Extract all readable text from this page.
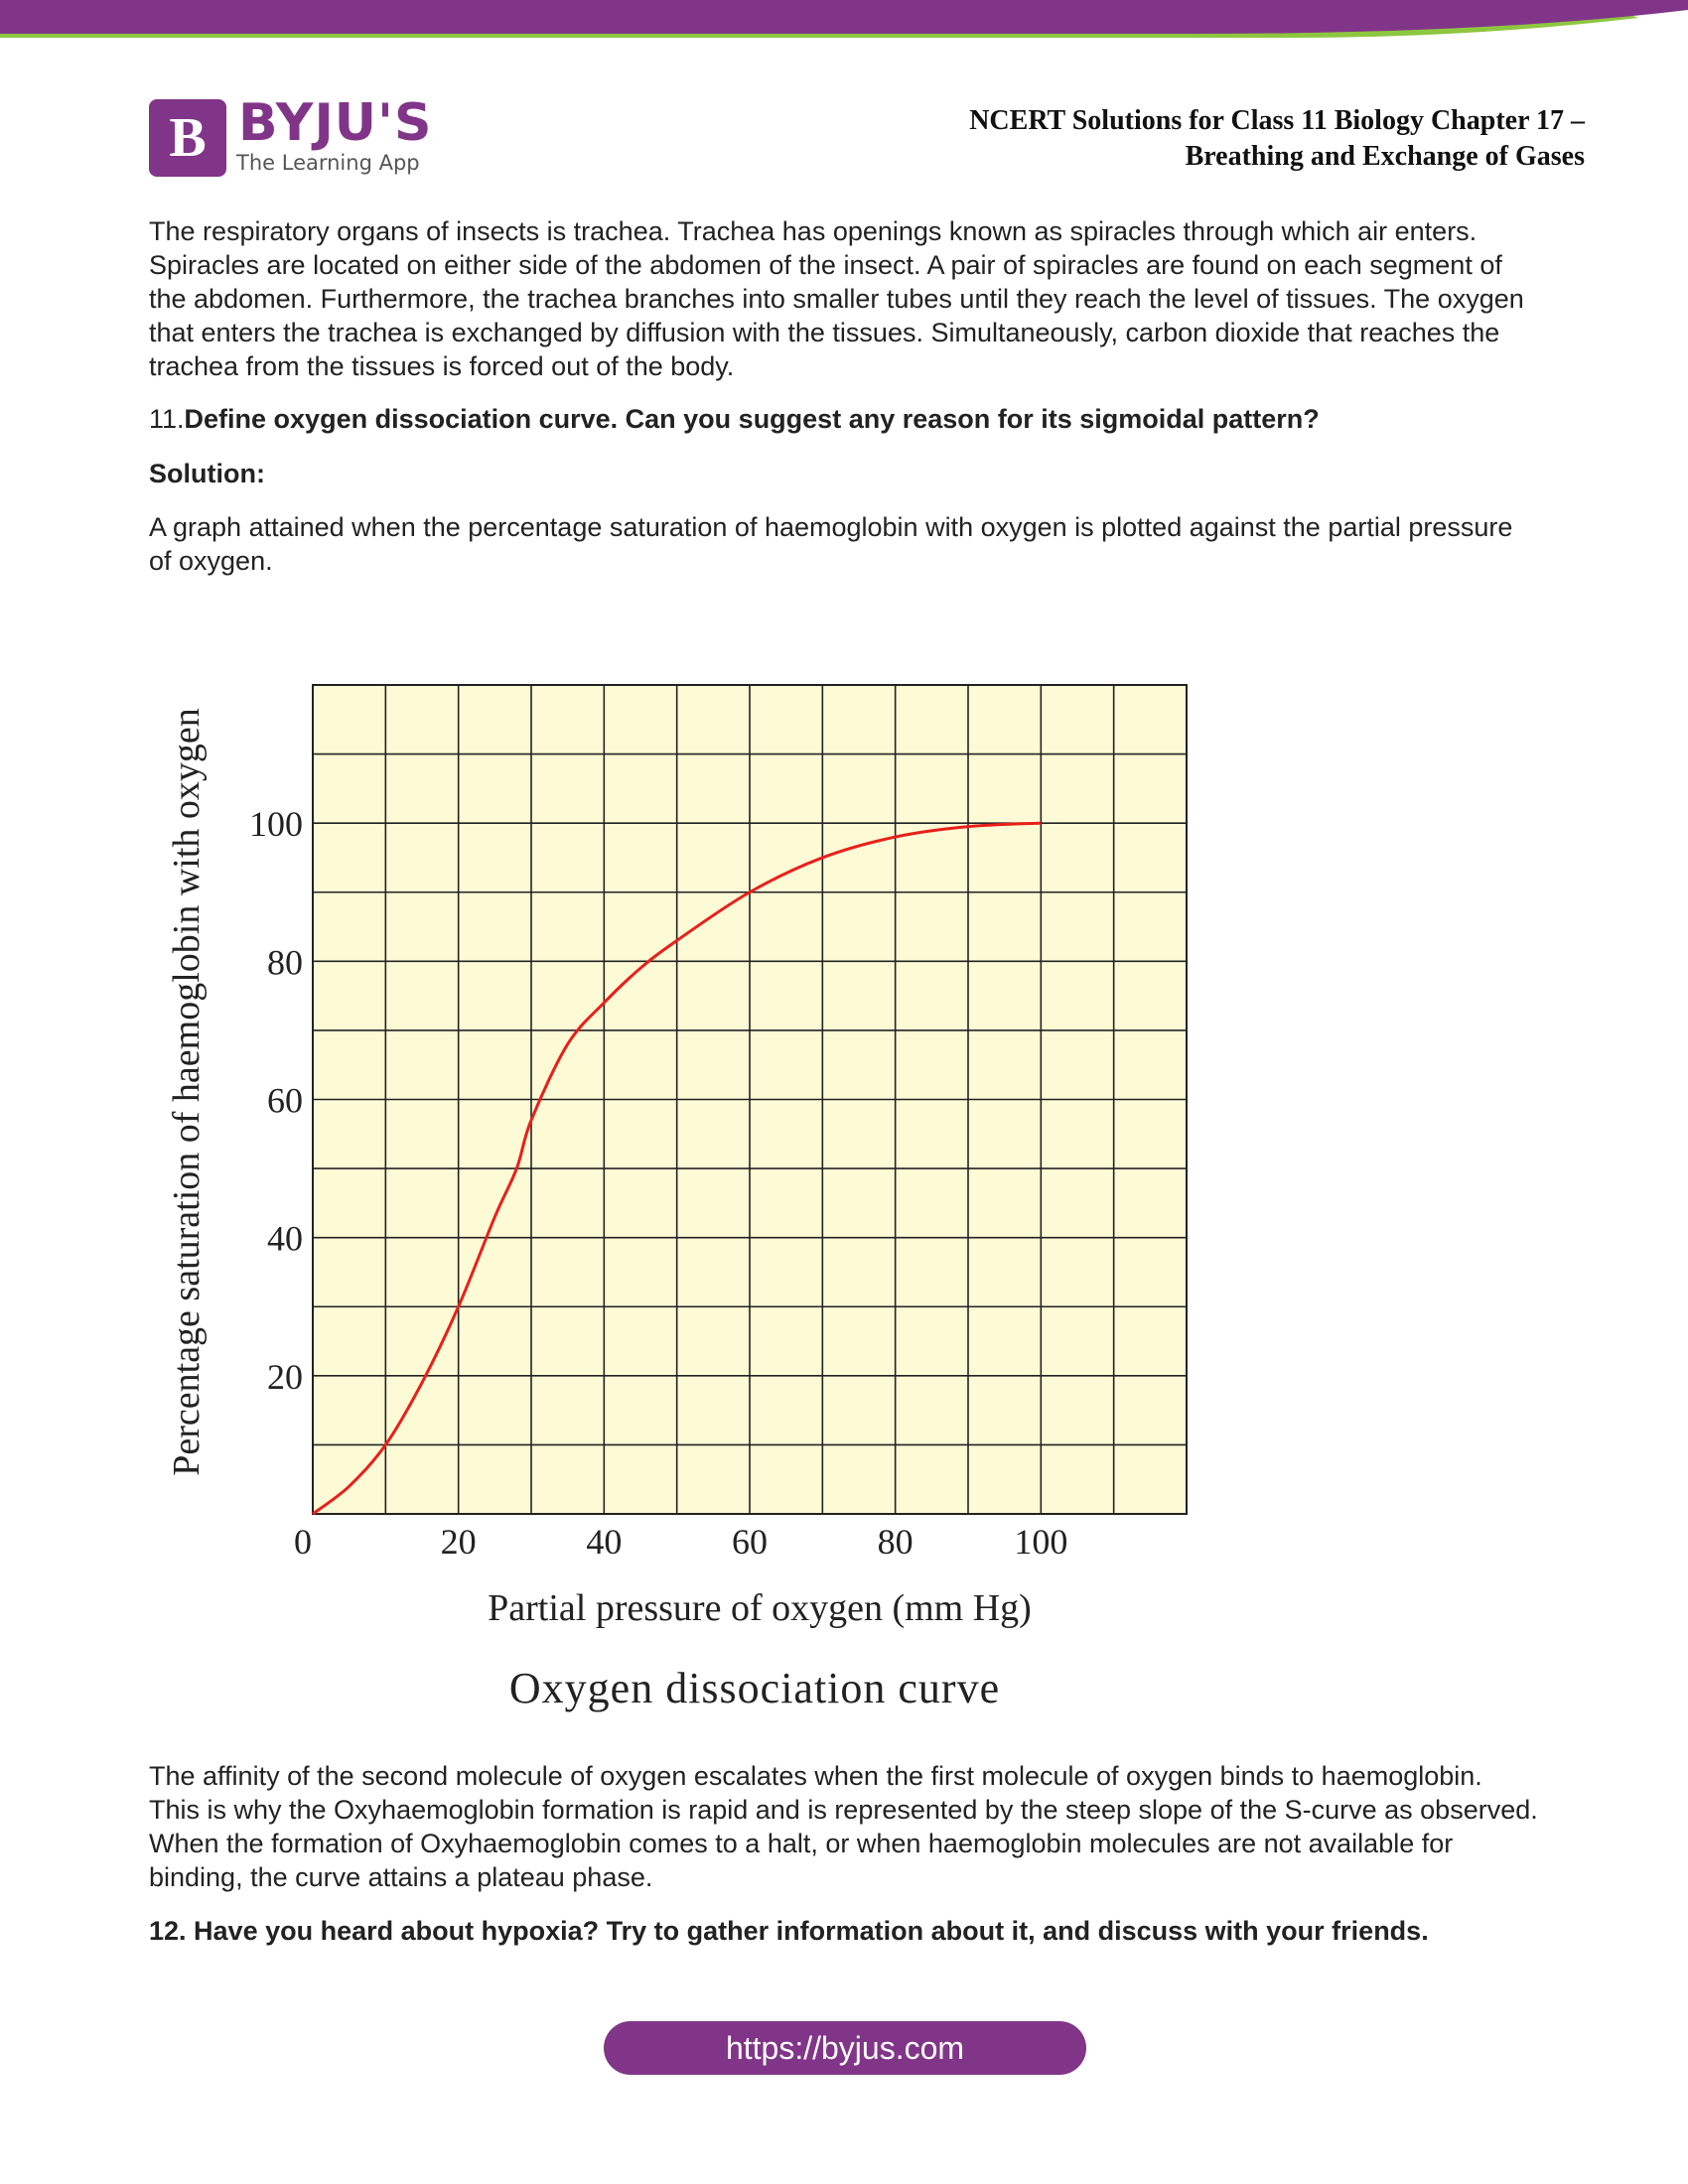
B BYJU'S
The Learning App
NCERT Solutions for Class 11 Biology Chapter 17 –
Breathing and Exchange of Gases

The respiratory organs of insects is trachea. Trachea has openings known as spiracles through which air enters. Spiracles are located on either side of the abdomen of the insect. A pair of spiracles are found on each segment of the abdomen. Furthermore, the trachea branches into smaller tubes until they reach the level of tissues. The oxygen that enters the trachea is exchanged by diffusion with the tissues. Simultaneously, carbon dioxide that reaches the trachea from the tissues is forced out of the body.

11.Define oxygen dissociation curve. Can you suggest any reason for its sigmoidal pattern?

Solution:

A graph attained when the percentage saturation of haemoglobin with oxygen is plotted against the partial pressure of oxygen.

20
40
60
80
100
0	20	40	60	80	100
Percentage saturation of haemoglobin with oxygen
Partial pressure of oxygen (mm Hg)
Oxygen dissociation curve

The affinity of the second molecule of oxygen escalates when the first molecule of oxygen binds to haemoglobin. This is why the Oxyhaemoglobin formation is rapid and is represented by the steep slope of the S-curve as observed. When the formation of Oxyhaemoglobin comes to a halt, or when haemoglobin molecules are not available for binding, the curve attains a plateau phase.

12. Have you heard about hypoxia? Try to gather information about it, and discuss with your friends.

https://byjus.com
